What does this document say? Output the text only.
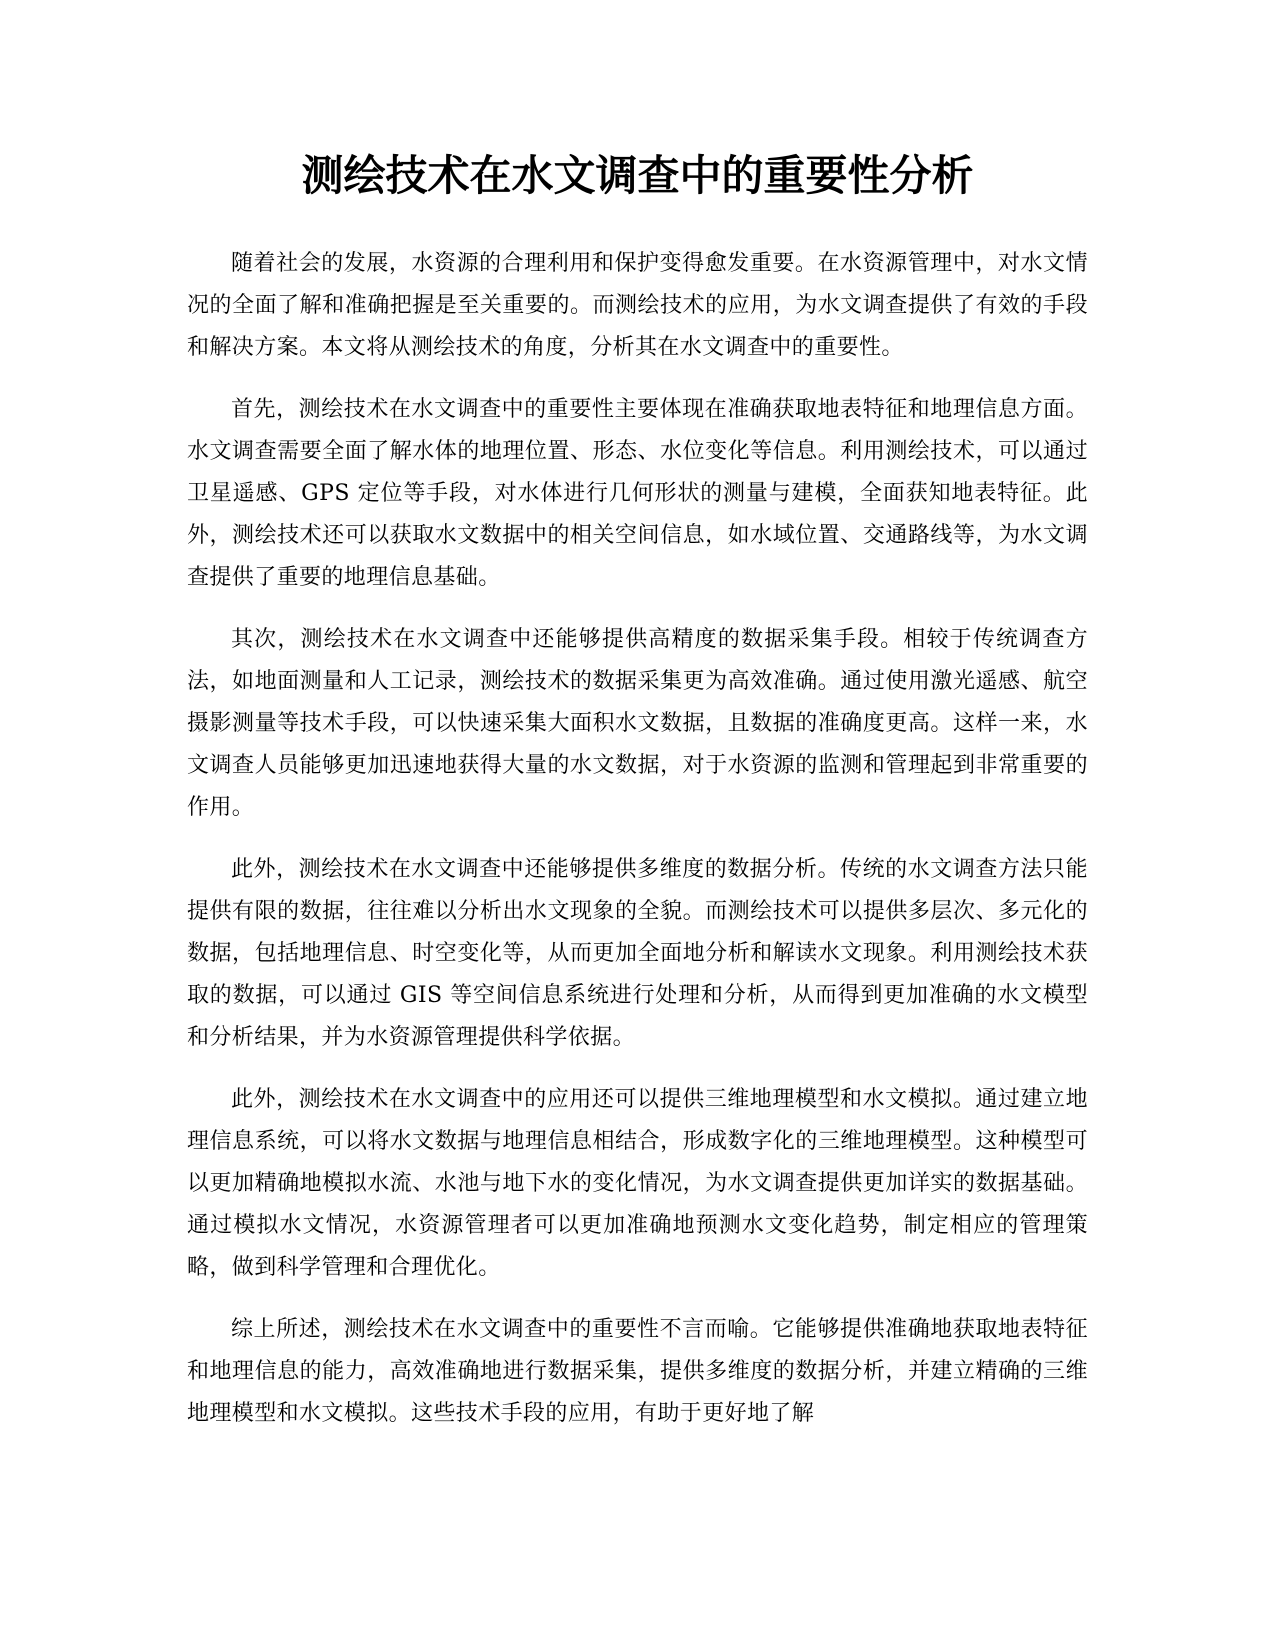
测绘技术在水文调查中的重要性分析

随着社会的发展，水资源的合理利用和保护变得愈发重要。在水资源管理中，对水文情况的全面了解和准确把握是至关重要的。而测绘技术的应用，为水文调查提供了有效的手段和解决方案。本文将从测绘技术的角度，分析其在水文调查中的重要性。

首先，测绘技术在水文调查中的重要性主要体现在准确获取地表特征和地理信息方面。水文调查需要全面了解水体的地理位置、形态、水位变化等信息。利用测绘技术，可以通过卫星遥感、GPS 定位等手段，对水体进行几何形状的测量与建模，全面获知地表特征。此外，测绘技术还可以获取水文数据中的相关空间信息，如水域位置、交通路线等，为水文调查提供了重要的地理信息基础。

其次，测绘技术在水文调查中还能够提供高精度的数据采集手段。相较于传统调查方法，如地面测量和人工记录，测绘技术的数据采集更为高效准确。通过使用激光遥感、航空摄影测量等技术手段，可以快速采集大面积水文数据，且数据的准确度更高。这样一来，水文调查人员能够更加迅速地获得大量的水文数据，对于水资源的监测和管理起到非常重要的作用。

此外，测绘技术在水文调查中还能够提供多维度的数据分析。传统的水文调查方法只能提供有限的数据，往往难以分析出水文现象的全貌。而测绘技术可以提供多层次、多元化的数据，包括地理信息、时空变化等，从而更加全面地分析和解读水文现象。利用测绘技术获取的数据，可以通过 GIS 等空间信息系统进行处理和分析，从而得到更加准确的水文模型和分析结果，并为水资源管理提供科学依据。

此外，测绘技术在水文调查中的应用还可以提供三维地理模型和水文模拟。通过建立地理信息系统，可以将水文数据与地理信息相结合，形成数字化的三维地理模型。这种模型可以更加精确地模拟水流、水池与地下水的变化情况，为水文调查提供更加详实的数据基础。通过模拟水文情况，水资源管理者可以更加准确地预测水文变化趋势，制定相应的管理策略，做到科学管理和合理优化。

综上所述，测绘技术在水文调查中的重要性不言而喻。它能够提供准确地获取地表特征和地理信息的能力，高效准确地进行数据采集，提供多维度的数据分析，并建立精确的三维地理模型和水文模拟。这些技术手段的应用，有助于更好地了解
